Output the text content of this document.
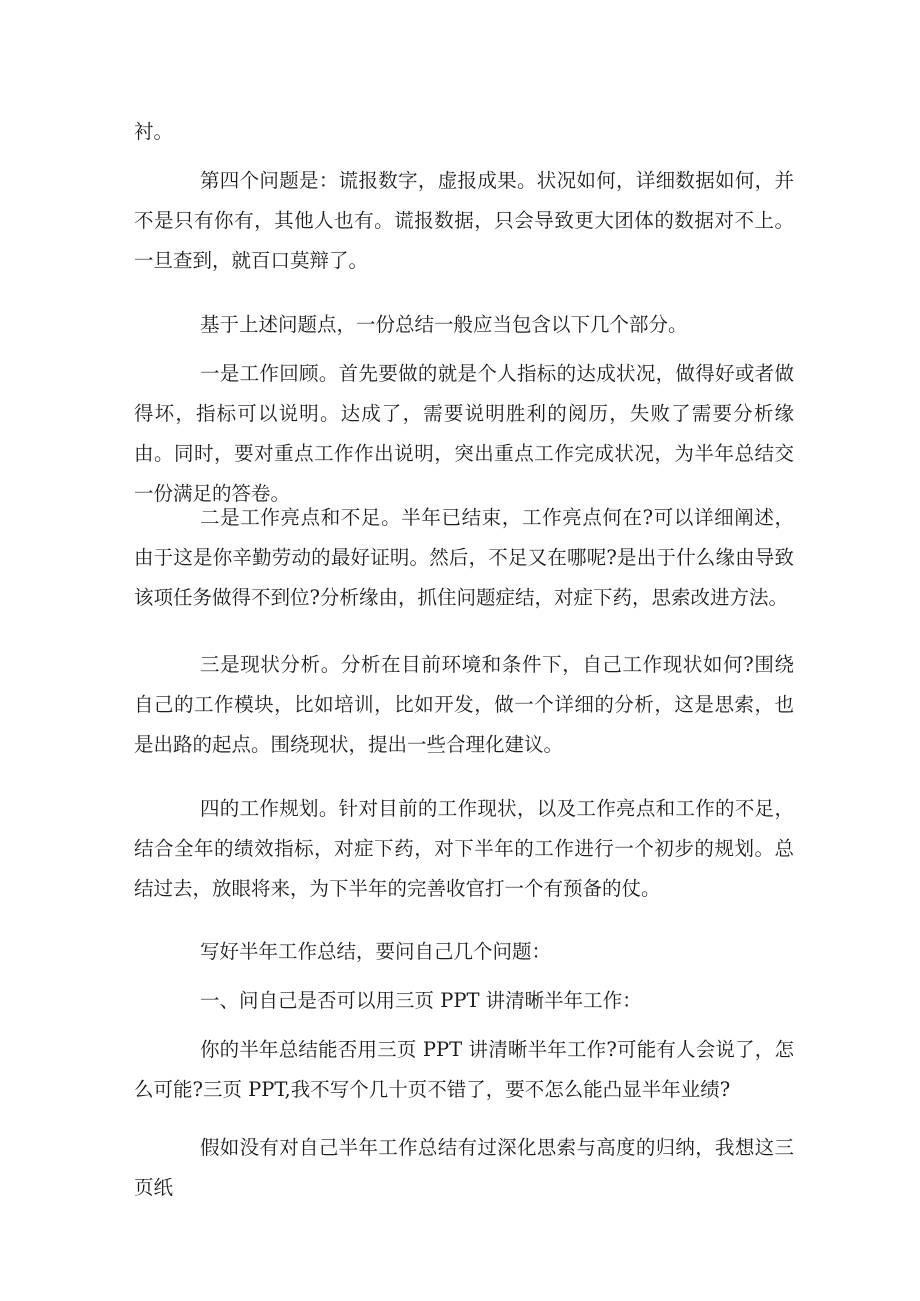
衬。

第四个问题是：谎报数字，虚报成果。状况如何，详细数据如何，并不是只有你有，其他人也有。谎报数据，只会导致更大团体的数据对不上。一旦查到，就百口莫辩了。

基于上述问题点，一份总结一般应当包含以下几个部分。

一是工作回顾。首先要做的就是个人指标的达成状况，做得好或者做得坏，指标可以说明。达成了，需要说明胜利的阅历，失败了需要分析缘由。同时，要对重点工作作出说明，突出重点工作完成状况，为半年总结交一份满足的答卷。

二是工作亮点和不足。半年已结束，工作亮点何在?可以详细阐述，由于这是你辛勤劳动的最好证明。然后，不足又在哪呢?是出于什么缘由导致该项任务做得不到位?分析缘由，抓住问题症结，对症下药，思索改进方法。

三是现状分析。分析在目前环境和条件下，自己工作现状如何?围绕自己的工作模块，比如培训，比如开发，做一个详细的分析，这是思索，也是出路的起点。围绕现状，提出一些合理化建议。

四的工作规划。针对目前的工作现状，以及工作亮点和工作的不足，结合全年的绩效指标，对症下药，对下半年的工作进行一个初步的规划。总结过去，放眼将来，为下半年的完善收官打一个有预备的仗。

写好半年工作总结，要问自己几个问题：

一、问自己是否可以用三页 PPT 讲清晰半年工作：

你的半年总结能否用三页 PPT 讲清晰半年工作?可能有人会说了，怎么可能?三页 PPT,我不写个几十页不错了，要不怎么能凸显半年业绩?

假如没有对自己半年工作总结有过深化思索与高度的归纳，我想这三页纸
